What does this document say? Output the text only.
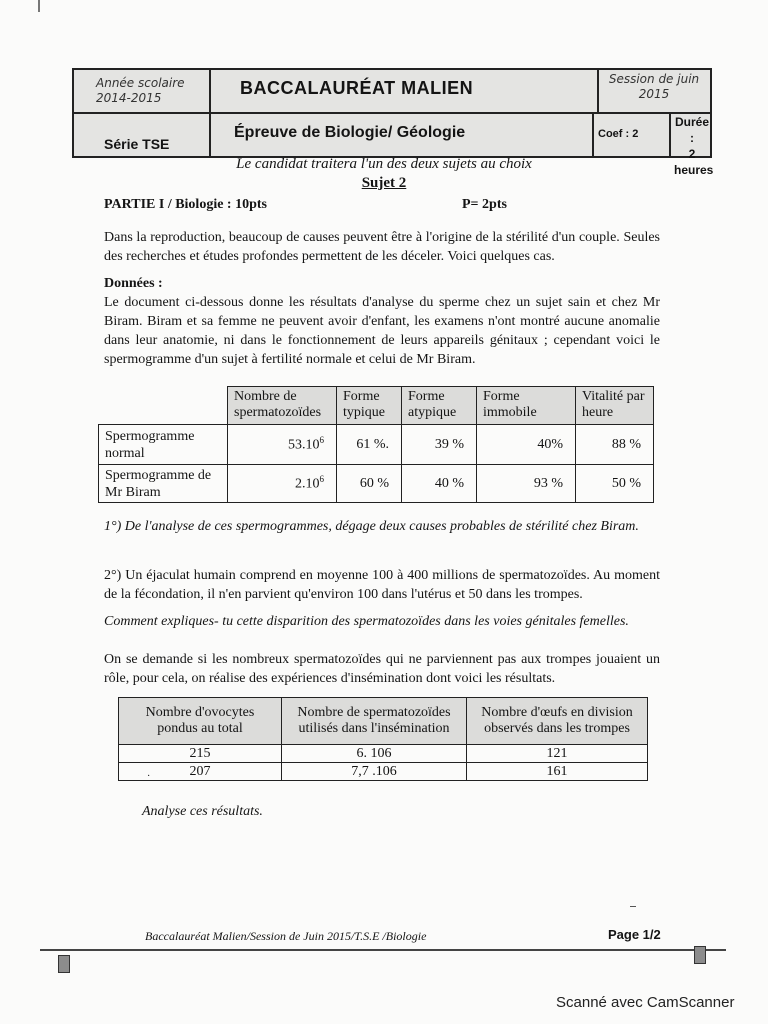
Année scolaire 2014-2015	BACCALAURÉAT MALIEN	Session de juin 2015
Série TSE
Épreuve de Biologie/ Géologie	Coef : 2
Durée :
2 heures
Le candidat traitera l'un des deux sujets au choix
Sujet 2
PARTIE I / Biologie : 10pts	P= 2pts
Dans la reproduction, beaucoup de causes peuvent être à l'origine de la stérilité d'un couple. Seules des recherches et études profondes permettent de les déceler. Voici quelques cas.
Données :
Le document ci-dessous donne les résultats d'analyse du sperme chez un sujet sain et chez Mr Biram. Biram et sa femme ne peuvent avoir d'enfant, les examens n'ont montré aucune anomalie dans leur anatomie, ni dans le fonctionnement de leurs appareils génitaux ; cependant voici le spermogramme d'un sujet à fertilité normale et celui de Mr Biram.
	Nombre de spermatozoïdes	Forme typique	Forme atypique	Forme immobile	Vitalité par heure
Spermogramme normal	53.10$^6$	61 %.	39 %	40%	88 %
Spermogramme de Mr Biram	2.10$^6$	60 %	40 %	93 %	50 %
1°) De l'analyse de ces spermogrammes, dégage deux causes probables de stérilité chez Biram.
2°) Un éjaculat humain comprend en moyenne 100 à 400 millions de spermatozoïdes. Au moment de la fécondation, il n'en parvient qu'environ 100 dans l'utérus et 50 dans les trompes.
Comment expliques- tu cette disparition des spermatozoïdes dans les voies génitales femelles.
On se demande si les nombreux spermatozoïdes qui ne parviennent pas aux trompes jouaient un rôle, pour cela, on réalise des expériences d'insémination dont voici les résultats.
Nombre d'ovocytes pondus au total	Nombre de spermatozoïdes utilisés dans l'insémination	Nombre d'œufs en division observés dans les trompes
215	6. 106	121
207	7,7 .106	161
·
Analyse ces résultats.
Baccalauréat Malien/Session de Juin 2015/T.S.E /Biologie	Page 1/2
Scanné avec CamScanner
